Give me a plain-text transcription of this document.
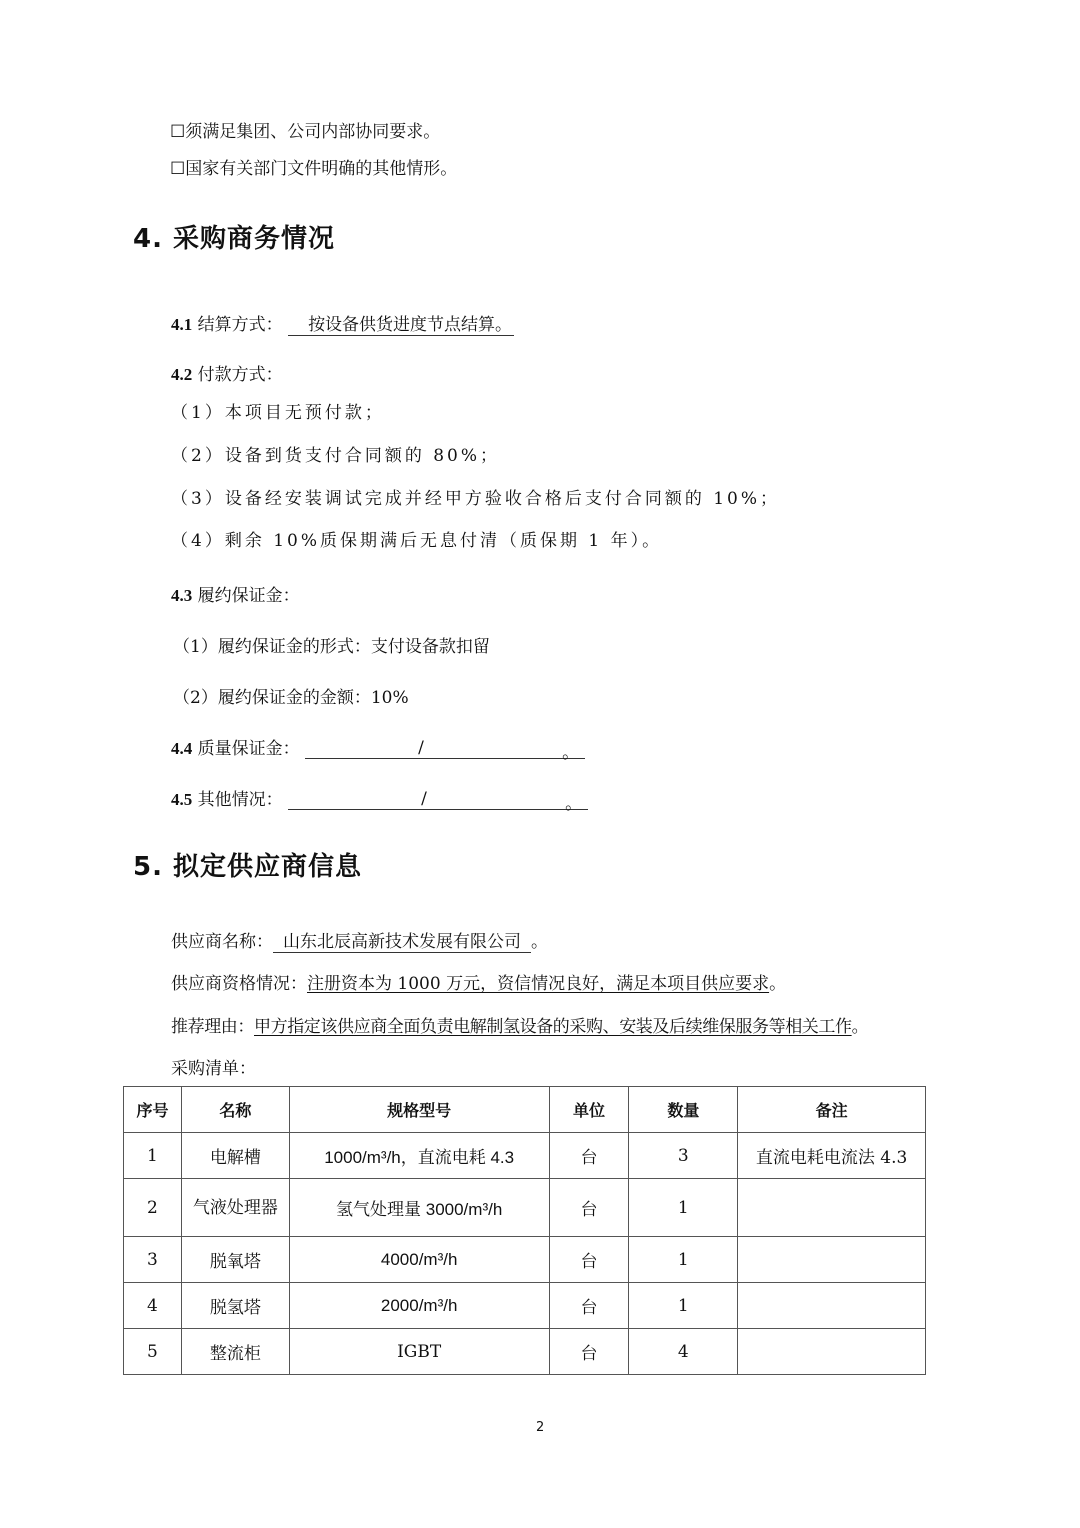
☐须满足集团、公司内部协同要求。
☐国家有关部门文件明确的其他情形。
4. 采购商务情况
4.1 结算方式： 按设备供货进度节点结算。
4.2 付款方式：
（1）本项目无预付款；
（2）设备到货支付合同额的 80%；
（3）设备经安装调试完成并经甲方验收合格后支付合同额的 10%；
（4）剩余 10%质保期满后无息付清（质保期 1 年）。
4.3 履约保证金：
（1）履约保证金的形式：支付设备款扣留
（2）履约保证金的金额：10%
4.4 质量保证金：	/	。
4.5 其他情况：	/	。
5. 拟定供应商信息
供应商名称： 山东北辰高新技术发展有限公司 。
供应商资格情况：注册资本为 1000 万元，资信情况良好，满足本项目供应要求。
推荐理由：甲方指定该供应商全面负责电解制氢设备的采购、安装及后续维保服务等相关工作。
采购清单：
序号	名称	规格型号	单位	数量	备注
1	电解槽	1000/m³/h，直流电耗 4.3	台	3	直流电耗电流法 4.3
2	气液处理器	氢气处理量 3000/m³/h	台	1	
3	脱氧塔	4000/m³/h	台	1	
4	脱氢塔	2000/m³/h	台	1	
5	整流柜	IGBT	台	4	
2
